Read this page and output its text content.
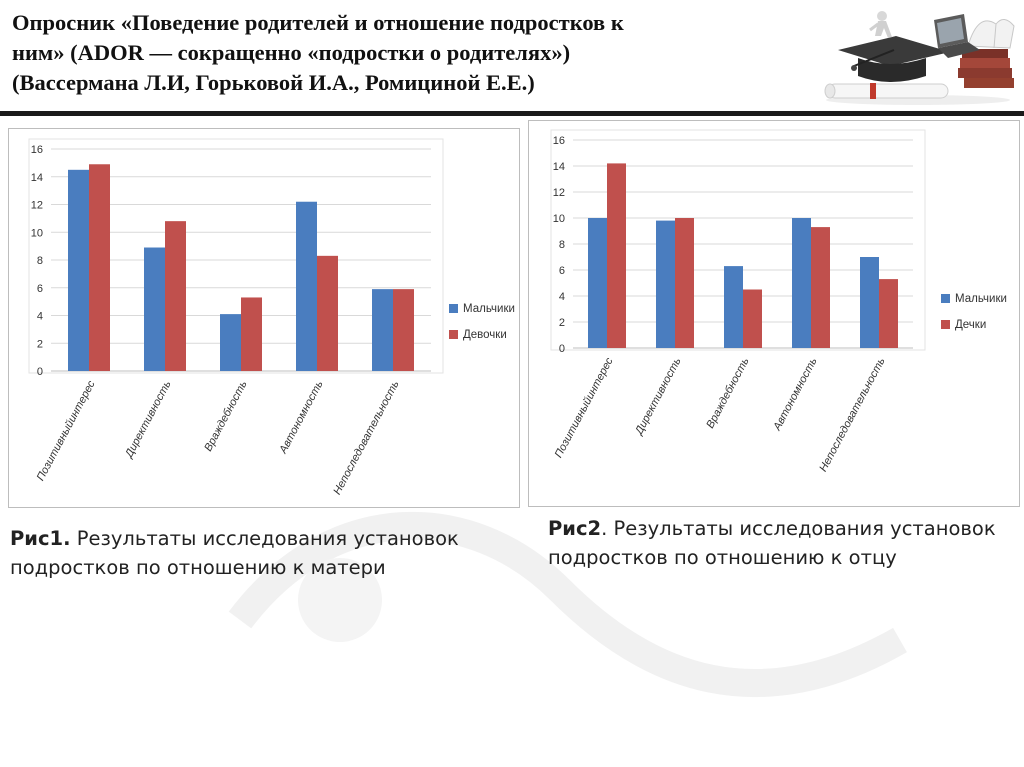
Опросник «Поведение родителей и отношение подростков к
ним» (ADOR — сокращенно «подростки о родителях»)
(Вассермана Л.И, Горьковой И.А., Ромициной Е.Е.)
0
2
4
6
8
10
12
14
16
Позитивныйинтерес Директивность	Враждебность	Автономность Непоследовательность
Мальчики
Девочки
0
2
4
6
8
10
12
14
16
Позитивныйинтерес Директивность Враждебность Автономность
Непоследовательность
Мальчики
Дечки
Рис1. Результаты исследования установок подростков по отношению к матери
Рис2. Результаты исследования установок подростков по отношению к отцу
